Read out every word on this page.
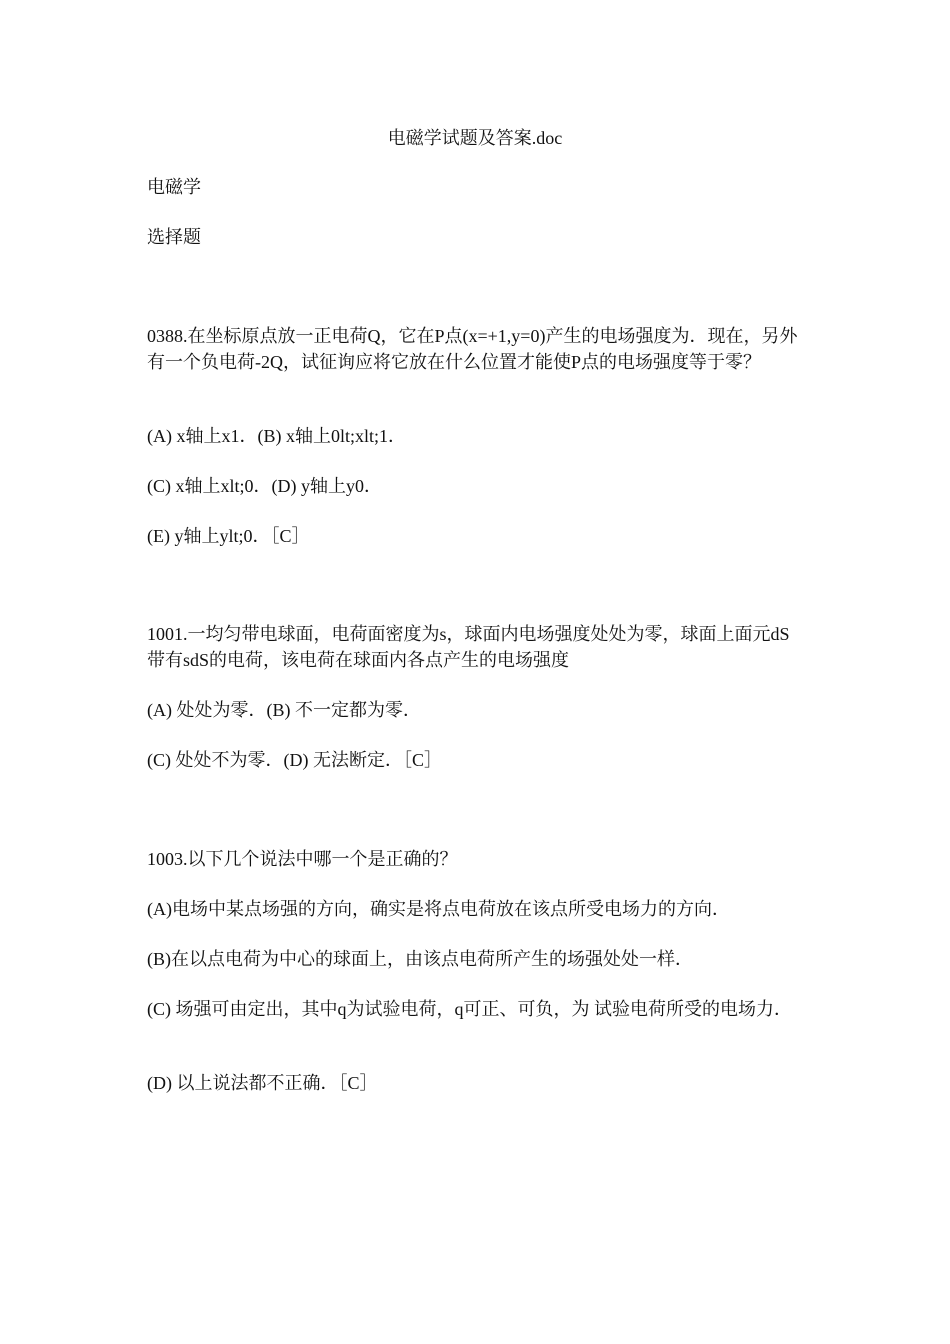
电磁学试题及答案.doc
电磁学
选择题
0388.在坐标原点放一正电荷Q，它在P点(x=+1,y=0)产生的电场强度为．现在，另外有一个负电荷-2Q，试征询应将它放在什么位置才能使P点的电场强度等于零？
(A) x轴上x1．(B) x轴上0lt;xlt;1．
(C) x轴上xlt;0．(D) y轴上y0．
(E) y轴上ylt;0．［C］
1001.一均匀带电球面，电荷面密度为s，球面内电场强度处处为零，球面上面元dS带有sdS的电荷，该电荷在球面内各点产生的电场强度
(A) 处处为零．(B) 不一定都为零．
(C) 处处不为零．(D) 无法断定．［C］
1003.以下几个说法中哪一个是正确的？
(A)电场中某点场强的方向，确实是将点电荷放在该点所受电场力的方向．
(B)在以点电荷为中心的球面上，由该点电荷所产生的场强处处一样．
(C) 场强可由定出，其中q为试验电荷，q可正、可负，为 试验电荷所受的电场力．
(D) 以上说法都不正确．［C］
